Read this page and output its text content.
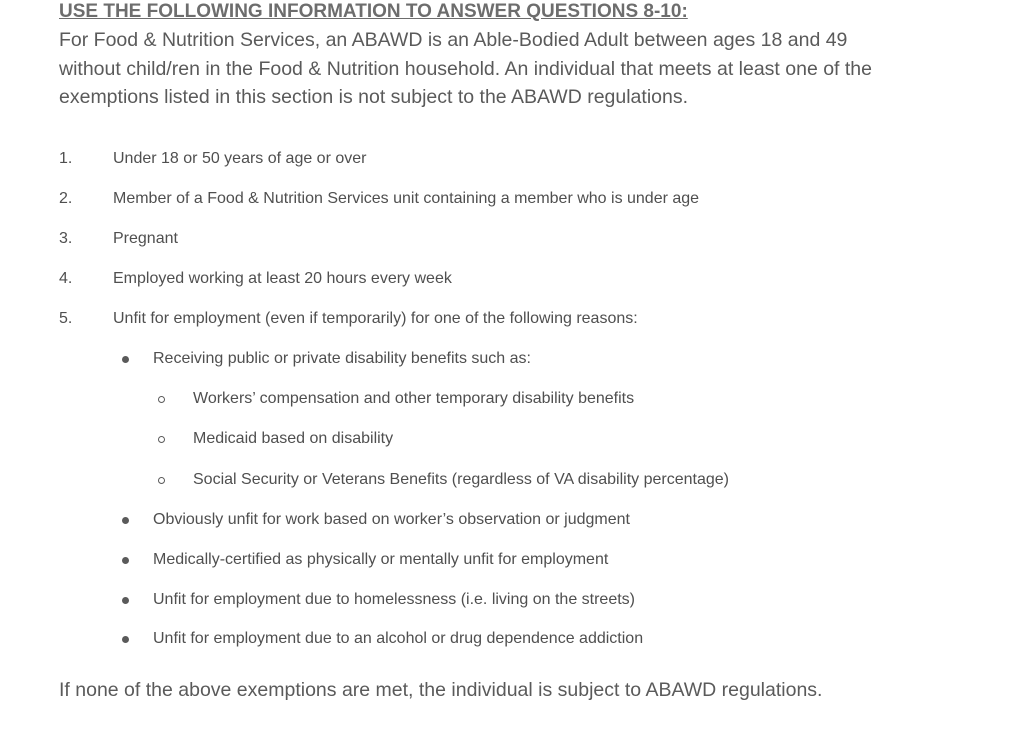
USE THE FOLLOWING INFORMATION TO ANSWER QUESTIONS 8-10:

For Food & Nutrition Services, an ABAWD is an Able-Bodied Adult between ages 18 and 49

without child/ren in the Food & Nutrition household. An individual that meets at least one of the

exemptions listed in this section is not subject to the ABAWD regulations.

1.	Under 18 or 50 years of age or over
2.	Member of a Food & Nutrition Services unit containing a member who is under age
3.	Pregnant
4.	Employed working at least 20 hours every week
5.	Unfit for employment (even if temporarily) for one of the following reasons:
Receiving public or private disability benefits such as:
Workers’ compensation and other temporary disability benefits
Medicaid based on disability
Social Security or Veterans Benefits (regardless of VA disability percentage)
Obviously unfit for work based on worker’s observation or judgment
Medically-certified as physically or mentally unfit for employment
Unfit for employment due to homelessness (i.e. living on the streets)
Unfit for employment due to an alcohol or drug dependence addiction
If none of the above exemptions are met, the individual is subject to ABAWD regulations.
